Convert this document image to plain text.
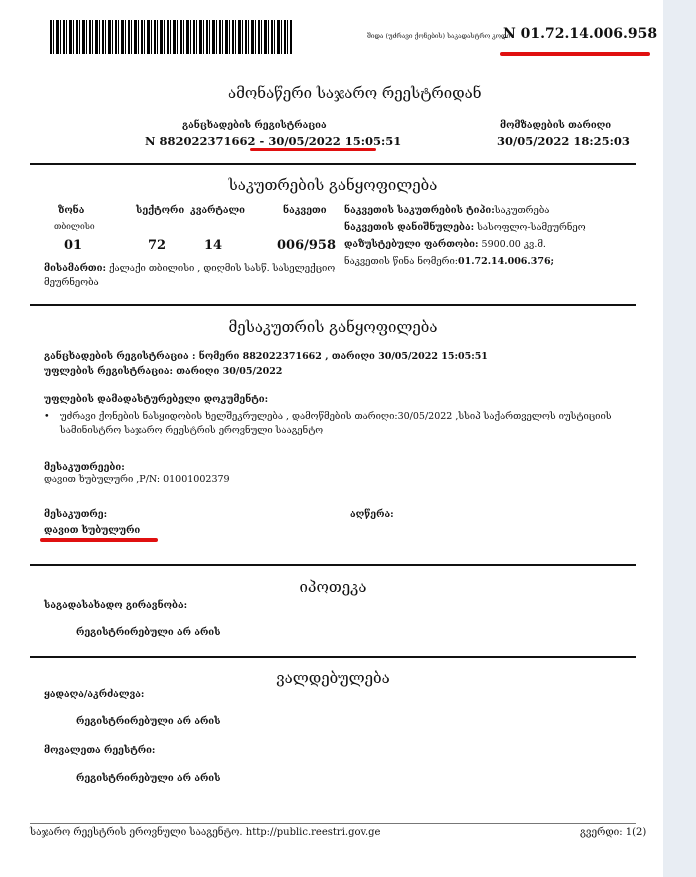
შიდა (უძრავი ქონების) საკადასტრო კოდი
N 01.72.14.006.958
ამონაწერი საჯარო რეესტრიდან
განცხადების რეგისტრაცია
N 882022371662 - 30/05/2022 15:05:51
მომზადების თარიღი
30/05/2022 18:25:03
საკუთრების განყოფილება
ზონა	სექტორი კვარტალი	ნაკვეთი
თბილისი
01	72	14	006/958
ნაკვეთის საკუთრების ტიპი:საკუთრება
ნაკვეთის დანიშნულება: სასოფლო-სამეურნეო
დაზუსტებული ფართობი: 5900.00 კვ.მ.
ნაკვეთის წინა ნომერი:01.72.14.006.376;
მისამართი: ქალაქი თბილისი , დიღმის სასწ. სასელექციო მეურნეობა
მესაკუთრის განყოფილება
განცხადების რეგისტრაცია : ნომერი 882022371662 , თარიღი 30/05/2022 15:05:51
უფლების რეგისტრაცია: თარიღი 30/05/2022
უფლების დამადასტურებელი დოკუმენტი:
• უძრავი ქონების ნასყიდობის ხელშეკრულება , დამოწმების თარიღი:30/05/2022 ,სსიპ საქართველოს იუსტიციის
სამინისტრო საჯარო რეესტრის ეროვნული სააგენტო
მესაკუთრეები:
დავით ხუბულური ,P/N: 01001002379
მესაკუთრე:	აღწერა:
დავით ხუბულური
იპოთეკა
საგადასახადო გირავნობა:
რეგისტრირებული არ არის
ვალდებულება
ყადაღა/აკრძალვა:
რეგისტრირებული არ არის
მოვალეთა რეესტრი:
რეგისტრირებული არ არის
საჯარო რეესტრის ეროვნული სააგენტო. http://public.reestri.gov.ge	გვერდი: 1(2)
